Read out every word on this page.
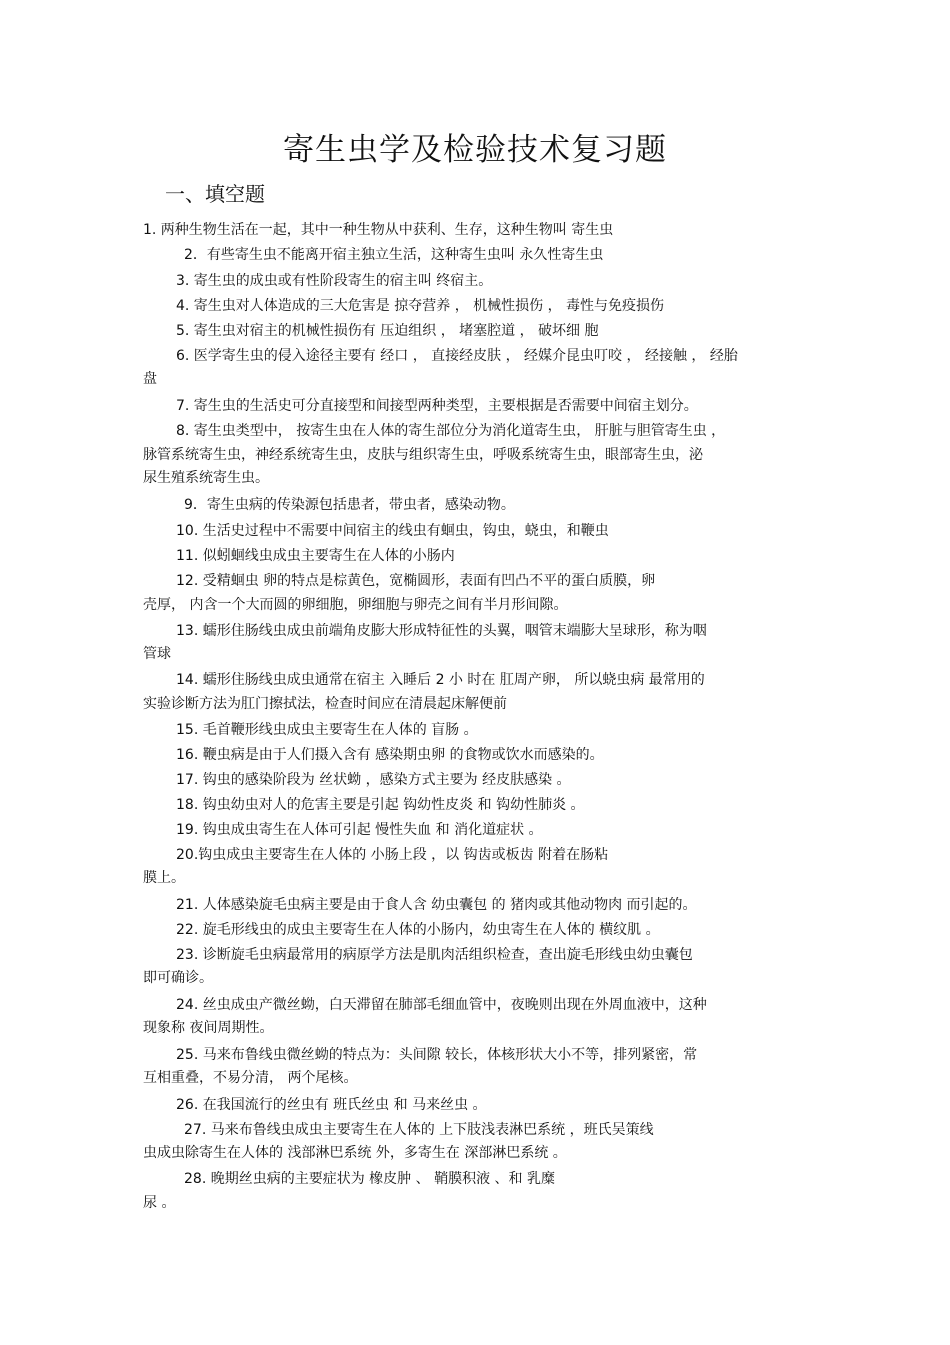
寄生虫学及检验技术复习题
一、填空题
1. 两种生物生活在一起，其中一种生物从中获利、生存，这种生物叫 寄生虫
2．有些寄生虫不能离开宿主独立生活，这种寄生虫叫 永久性寄生虫
3. 寄生虫的成虫或有性阶段寄生的宿主叫 终宿主。
4. 寄生虫对人体造成的三大危害是 掠夺营养 ， 机械性损伤 ， 毒性与免疫损伤
5. 寄生虫对宿主的机械性损伤有 压迫组织 ， 堵塞腔道 ， 破坏细 胞
6. 医学寄生虫的侵入途径主要有 经口 ， 直接经皮肤 ， 经媒介昆虫叮咬 ， 经接触 ， 经胎
盘
7. 寄生虫的生活史可分直接型和间接型两种类型，主要根据是否需要中间宿主划分。
8. 寄生虫类型中， 按寄生虫在人体的寄生部位分为消化道寄生虫， 肝脏与胆管寄生虫 ，
脉管系统寄生虫，神经系统寄生虫，皮肤与组织寄生虫，呼吸系统寄生虫，眼部寄生虫，泌
尿生殖系统寄生虫。
9．寄生虫病的传染源包括患者，带虫者，感染动物。
10. 生活史过程中不需要中间宿主的线虫有蛔虫，钩虫，蛲虫，和鞭虫
11. 似蚓蛔线虫成虫主要寄生在人体的小肠内
12. 受精蛔虫 卵的特点是棕黄色，宽椭圆形，表面有凹凸不平的蛋白质膜，卵
壳厚， 内含一个大而圆的卵细胞，卵细胞与卵壳之间有半月形间隙。
13. 蠕形住肠线虫成虫前端角皮膨大形成特征性的头翼，咽管末端膨大呈球形，称为咽
管球
14. 蠕形住肠线虫成虫通常在宿主 入睡后 2 小 时在 肛周产卵， 所以蛲虫病 最常用的
实验诊断方法为肛门擦拭法，检查时间应在清晨起床解便前
15. 毛首鞭形线虫成虫主要寄生在人体的 盲肠 。
16. 鞭虫病是由于人们摄入含有 感染期虫卵 的食物或饮水而感染的。
17. 钩虫的感染阶段为 丝状蚴 ，感染方式主要为 经皮肤感染 。
18. 钩虫幼虫对人的危害主要是引起 钩幼性皮炎 和 钩幼性肺炎 。
19. 钩虫成虫寄生在人体可引起 慢性失血 和 消化道症状 。
20.钩虫成虫主要寄生在人体的 小肠上段 ，以 钩齿或板齿 附着在肠粘
膜上。
21. 人体感染旋毛虫病主要是由于食人含 幼虫囊包 的 猪肉或其他动物肉 而引起的。
22. 旋毛形线虫的成虫主要寄生在人体的小肠内，幼虫寄生在人体的 横纹肌 。
23. 诊断旋毛虫病最常用的病原学方法是肌肉活组织检查，查出旋毛形线虫幼虫囊包
即可确诊。
24. 丝虫成虫产微丝蚴，白天滞留在肺部毛细血管中，夜晚则出现在外周血液中，这种
现象称 夜间周期性。
25. 马来布鲁线虫微丝蚴的特点为：头间隙 较长，体核形状大小不等，排列紧密，常
互相重叠，不易分清， 两个尾核。
26. 在我国流行的丝虫有 班氏丝虫 和 马来丝虫 。
27. 马来布鲁线虫成虫主要寄生在人体的 上下肢浅表淋巴系统 ，班氏吴策线
虫成虫除寄生在人体的 浅部淋巴系统 外，多寄生在 深部淋巴系统 。
28. 晚期丝虫病的主要症状为 橡皮肿 、 鞘膜积液 、和 乳糜
尿 。
